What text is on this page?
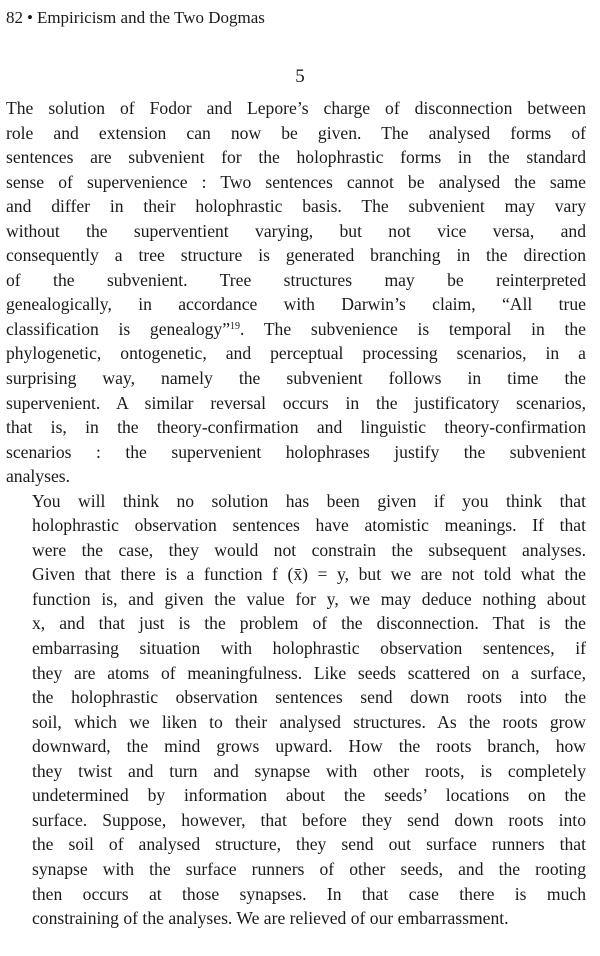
82 • Empiricism and the Two Dogmas
5

The solution of Fodor and Lepore’s charge of disconnection between
role and extension can now be given. The analysed forms of
sentences are subvenient for the holophrastic forms in the standard
sense of supervenience : Two sentences cannot be analysed the same
and differ in their holophrastic basis. The subvenient may vary
without the superventient varying, but not vice versa, and
consequently a tree structure is generated branching in the direction
of the subvenient. Tree structures may be reinterpreted
genealogically, in accordance with Darwin’s claim, “All true
classification is genealogy”$^{19}$. The subvenience is temporal in the
phylogenetic, ontogenetic, and perceptual processing scenarios, in a
surprising way, namely the subvenient follows in time the
supervenient. A similar reversal occurs in the justificatory scenarios,
that is, in the theory-confirmation and linguistic theory-confirmation
scenarios : the supervenient holophrases justify the subvenient
analyses.

You will think no solution has been given if you think that
holophrastic observation sentences have atomistic meanings. If that
were the case, they would not constrain the subsequent analyses.
Given that there is a function f (x̄) = y, but we are not told what the
function is, and given the value for y, we may deduce nothing about
x, and that just is the problem of the disconnection. That is the
embarrasing situation with holophrastic observation sentences, if
they are atoms of meaningfulness. Like seeds scattered on a surface,
the holophrastic observation sentences send down roots into the
soil, which we liken to their analysed structures. As the roots grow
downward, the mind grows upward. How the roots branch, how
they twist and turn and synapse with other roots, is completely
undetermined by information about the seeds’ locations on the
surface. Suppose, however, that before they send down roots into
the soil of analysed structure, they send out surface runners that
synapse with the surface runners of other seeds, and the rooting
then occurs at those synapses. In that case there is much
constraining of the analyses. We are relieved of our embarrassment.
